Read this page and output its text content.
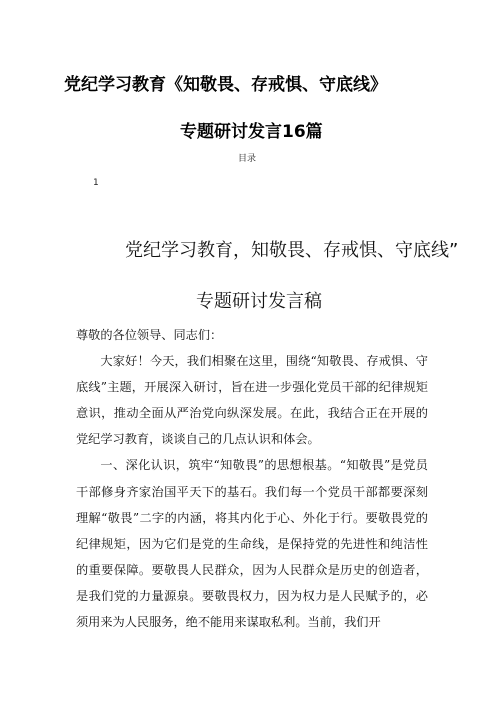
党纪学习教育《知敬畏、存戒惧、守底线》
专题研讨发言16篇
目录
1
党纪学习教育，知敬畏、存戒惧、守底线”
专题研讨发言稿

尊敬的各位领导、同志们：

大家好！今天，我们相聚在这里，围绕“知敬畏、存戒惧、守底线”主题，开展深入研讨，旨在进一步强化党员干部的纪律规矩意识，推动全面从严治党向纵深发展。在此，我结合正在开展的党纪学习教育，谈谈自己的几点认识和体会。

一、深化认识，筑牢“知敬畏”的思想根基。“知敬畏”是党员干部修身齐家治国平天下的基石。我们每一个党员干部都要深刻理解“敬畏”二字的内涵，将其内化于心、外化于行。要敬畏党的纪律规矩，因为它们是党的生命线，是保持党的先进性和纯洁性的重要保障。要敬畏人民群众，因为人民群众是历史的创造者，是我们党的力量源泉。要敬畏权力，因为权力是人民赋予的，必须用来为人民服务，绝不能用来谋取私利。当前，我们开
